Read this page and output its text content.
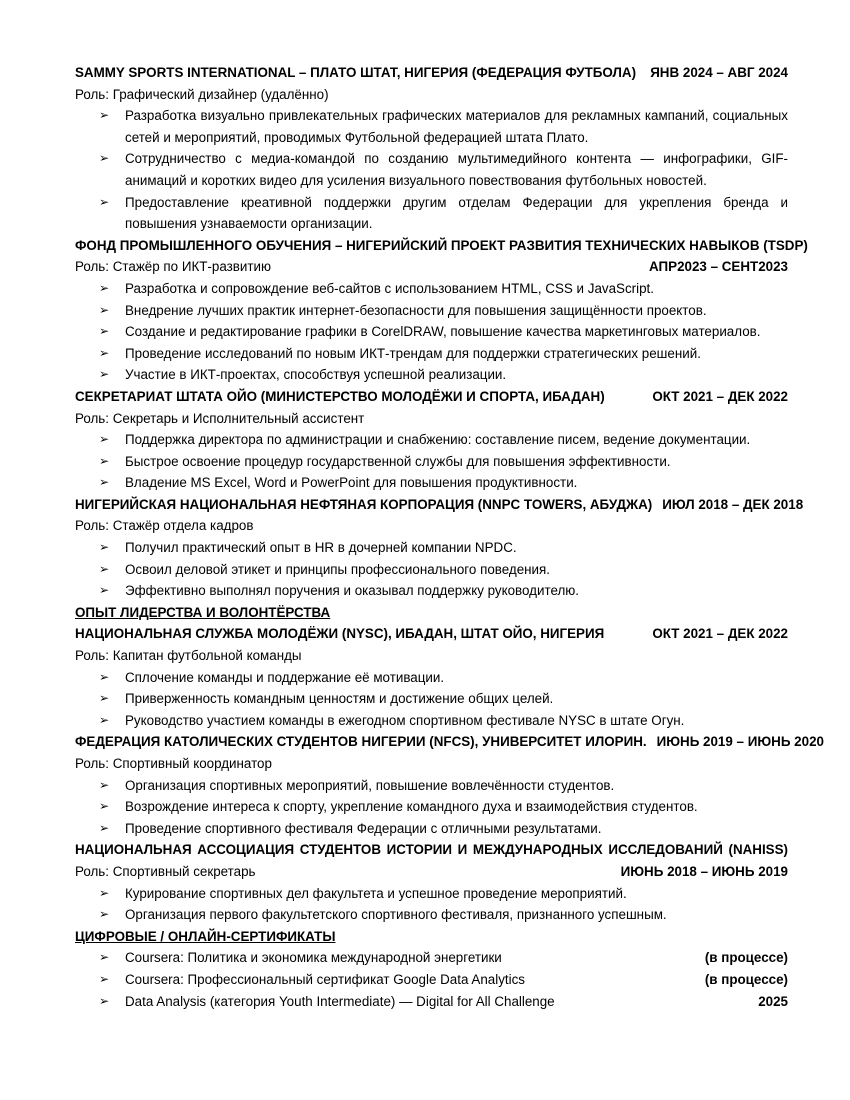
SAMMY SPORTS INTERNATIONAL – ПЛАТО ШТАТ, НИГЕРИЯ (ФЕДЕРАЦИЯ ФУТБОЛА)	ЯНВ 2024 – АВГ 2024
Роль: Графический дизайнер (удалённо)
➢	Разработка визуально привлекательных графических материалов для рекламных кампаний, социальных сетей и мероприятий, проводимых Футбольной федерацией штата Плато.
➢	Сотрудничество с медиа-командой по созданию мультимедийного контента — инфографики, GIF-анимаций и коротких видео для усиления визуального повествования футбольных новостей.
➢	Предоставление креативной поддержки другим отделам Федерации для укрепления бренда и повышения узнаваемости организации.
ФОНД ПРОМЫШЛЕННОГО ОБУЧЕНИЯ – НИГЕРИЙСКИЙ ПРОЕКТ РАЗВИТИЯ ТЕХНИЧЕСКИХ НАВЫКОВ (TSDP)
Роль: Стажёр по ИКТ-развитию	АПР2023 – СЕНТ2023
➢	Разработка и сопровождение веб-сайтов с использованием HTML, CSS и JavaScript.
➢	Внедрение лучших практик интернет-безопасности для повышения защищённости проектов.
➢	Создание и редактирование графики в CorelDRAW, повышение качества маркетинговых материалов.
➢	Проведение исследований по новым ИКТ-трендам для поддержки стратегических решений.
➢	Участие в ИКТ-проектах, способствуя успешной реализации.
СЕКРЕТАРИАТ ШТАТА ОЙО (МИНИСТЕРСТВО МОЛОДЁЖИ И СПОРТА, ИБАДАН)	ОКТ 2021 – ДЕК 2022
Роль: Секретарь и Исполнительный ассистент
➢	Поддержка директора по администрации и снабжению: составление писем, ведение документации.
➢	Быстрое освоение процедур государственной службы для повышения эффективности.
➢	Владение MS Excel, Word и PowerPoint для повышения продуктивности.
НИГЕРИЙСКАЯ НАЦИОНАЛЬНАЯ НЕФТЯНАЯ КОРПОРАЦИЯ (NNPC TOWERS, АБУДЖА) ИЮЛ 2018 – ДЕК 2018
Роль: Стажёр отдела кадров
➢	Получил практический опыт в HR в дочерней компании NPDC.
➢	Освоил деловой этикет и принципы профессионального поведения.
➢	Эффективно выполнял поручения и оказывал поддержку руководителю.
ОПЫТ ЛИДЕРСТВА И ВОЛОНТЁРСТВА
НАЦИОНАЛЬНАЯ СЛУЖБА МОЛОДЁЖИ (NYSC), ИБАДАН, ШТАТ ОЙО, НИГЕРИЯ	ОКТ 2021 – ДЕК 2022
Роль: Капитан футбольной команды
➢	Сплочение команды и поддержание её мотивации.
➢	Приверженность командным ценностям и достижение общих целей.
➢	Руководство участием команды в ежегодном спортивном фестивале NYSC в штате Огун.
ФЕДЕРАЦИЯ КАТОЛИЧЕСКИХ СТУДЕНТОВ НИГЕРИИ (NFCS), УНИВЕРСИТЕТ ИЛОРИН. ИЮНЬ 2019 – ИЮНЬ 2020
Роль: Спортивный координатор
➢	Организация спортивных мероприятий, повышение вовлечённости студентов.
➢	Возрождение интереса к спорту, укрепление командного духа и взаимодействия студентов.
➢	Проведение спортивного фестиваля Федерации с отличными результатами.
НАЦИОНАЛЬНАЯ АССОЦИАЦИЯ СТУДЕНТОВ ИСТОРИИ И МЕЖДУНАРОДНЫХ ИССЛЕДОВАНИЙ (NAHISS)
Роль: Спортивный секретарь	ИЮНЬ 2018 – ИЮНЬ 2019
➢	Курирование спортивных дел факультета и успешное проведение мероприятий.
➢	Организация первого факультетского спортивного фестиваля, признанного успешным.
ЦИФРОВЫЕ / ОНЛАЙН-СЕРТИФИКАТЫ
➢	Coursera: Политика и экономика международной энергетики	(в процессе)
➢	Coursera: Профессиональный сертификат Google Data Analytics	(в процессе)
➢	Data Analysis (категория Youth Intermediate) — Digital for All Challenge	2025
